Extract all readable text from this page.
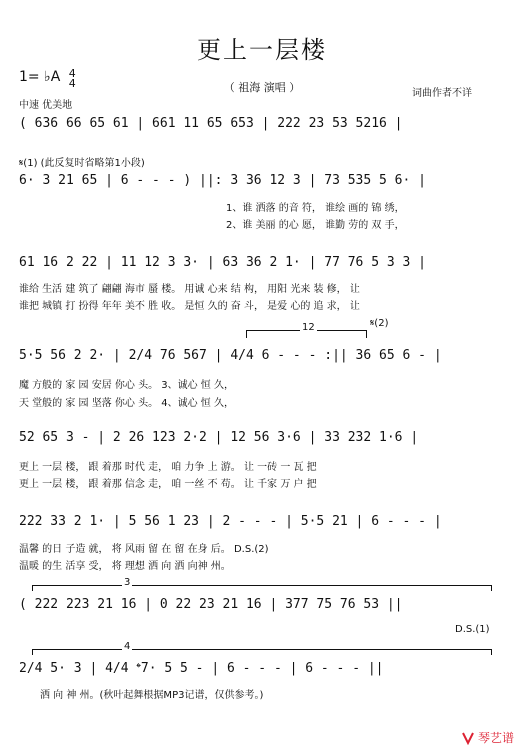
更上一层楼
（ 祖海 演唱 ）
1= ♭A 4
4
中速 优美地
词曲作者不详
( 636 66 65 61 | 661 11 65 653 | 222 23 53 5216 |
𝄋(1) (此反复时省略第1小段)
6· 3 21 65 | 6 - - - ) ||: 3 36 12 3 | 73 535 5 6· |
1、谁 洒落 的音 符， 谁绘 画的 锦 绣，
2、谁 美丽 的心 愿， 谁勤 劳的 双 手，
61 16 2 22 | 11 12 3 3· | 63 36 2 1· | 77 76 5 3 3 |
谁给 生活 建 筑了 翩翩 海市 蜃 楼。 用诚 心来 结 构， 用阳 光来 装 修， 让
谁把 城镇 打 扮得 年年 美不 胜 收。 是恒 久的 奋 斗， 是爱 心的 追 求， 让
12	𝄋(2)
5·5 56 2 2· | 2/4 76 567 | 4/4 6 - - - :|| 36 65 6 - |
魔 方般的 家 园 安居 你心 头。 3、诚心 恒 久，
天 堂般的 家 园 坚落 你心 头。 4、诚心 恒 久，
52 65 3 - | 2 26 123 2·2 | 12 56 3·6 | 33 232 1·6 |
更上 一层 楼， 跟 着那 时代 走， 咱 力争 上 游。 让 一砖 一 瓦 把
更上 一层 楼， 跟 着那 信念 走， 咱 一丝 不 苟。 让 千家 万 户 把
222 33 2 1· | 5 56 1 23 | 2 - - - | 5·5 21 | 6 - - - |
温馨 的日 子造 就， 将 风雨 留 在 留 在身 后。 D.S.(2)
温暖 的生 活享 受， 将 理想 洒 向 洒 向神 州。
3
( 222 223 21 16 | 0 22 23 21 16 | 377 75 76 53 ||
D.S.(1)
4
2/4 5· 3 | 4/4 𝄌7· 5 5 - | 6 - - - | 6 - - - ||
洒 向 神 州。(秋叶起舞根据MP3记谱，仅供参考。)
琴艺谱
